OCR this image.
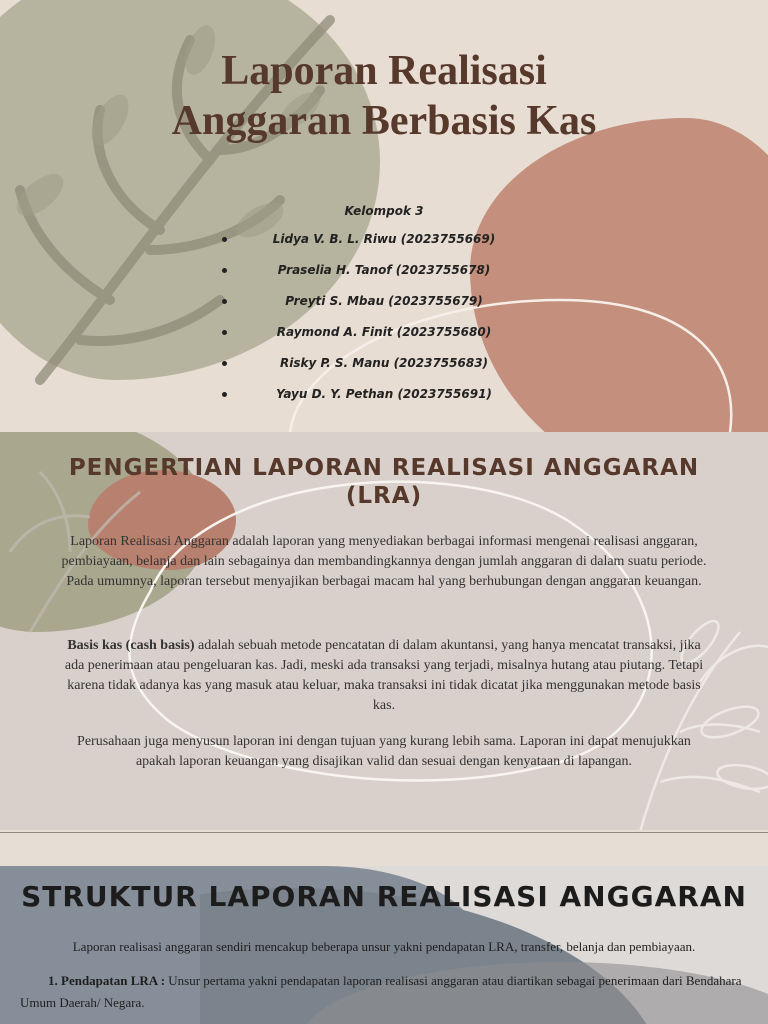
Laporan Realisasi
Anggaran Berbasis Kas
Kelompok 3
Lidya V. B. L. Riwu (2023755669)
Praselia H. Tanof (2023755678)
Preyti S. Mbau (2023755679)
Raymond A. Finit (2023755680)
Risky P. S. Manu (2023755683)
Yayu D. Y. Pethan (2023755691)
PENGERTIAN LAPORAN REALISASI ANGGARAN (LRA)

Laporan Realisasi Anggaran adalah laporan yang menyediakan berbagai informasi mengenai realisasi anggaran, pembiayaan, belanja dan lain sebagainya dan membandingkannya dengan jumlah anggaran di dalam suatu periode. Pada umumnya, laporan tersebut menyajikan berbagai macam hal yang berhubungan dengan anggaran keuangan.

Basis kas (cash basis) adalah sebuah metode pencatatan di dalam akuntansi, yang hanya mencatat transaksi, jika ada penerimaan atau pengeluaran kas. Jadi, meski ada transaksi yang terjadi, misalnya hutang atau piutang. Tetapi karena tidak adanya kas yang masuk atau keluar, maka transaksi ini tidak dicatat jika menggunakan metode basis kas.

Perusahaan juga menyusun laporan ini dengan tujuan yang kurang lebih sama. Laporan ini dapat menujukkan apakah laporan keuangan yang disajikan valid dan sesuai dengan kenyataan di lapangan.

STRUKTUR LAPORAN REALISASI ANGGARAN

Laporan realisasi anggaran sendiri mencakup beberapa unsur yakni pendapatan LRA, transfer, belanja dan pembiayaan.

1. Pendapatan LRA : Unsur pertama yakni pendapatan laporan realisasi anggaran atau diartikan sebagai penerimaan dari Bendahara Umum Daerah/ Negara.
